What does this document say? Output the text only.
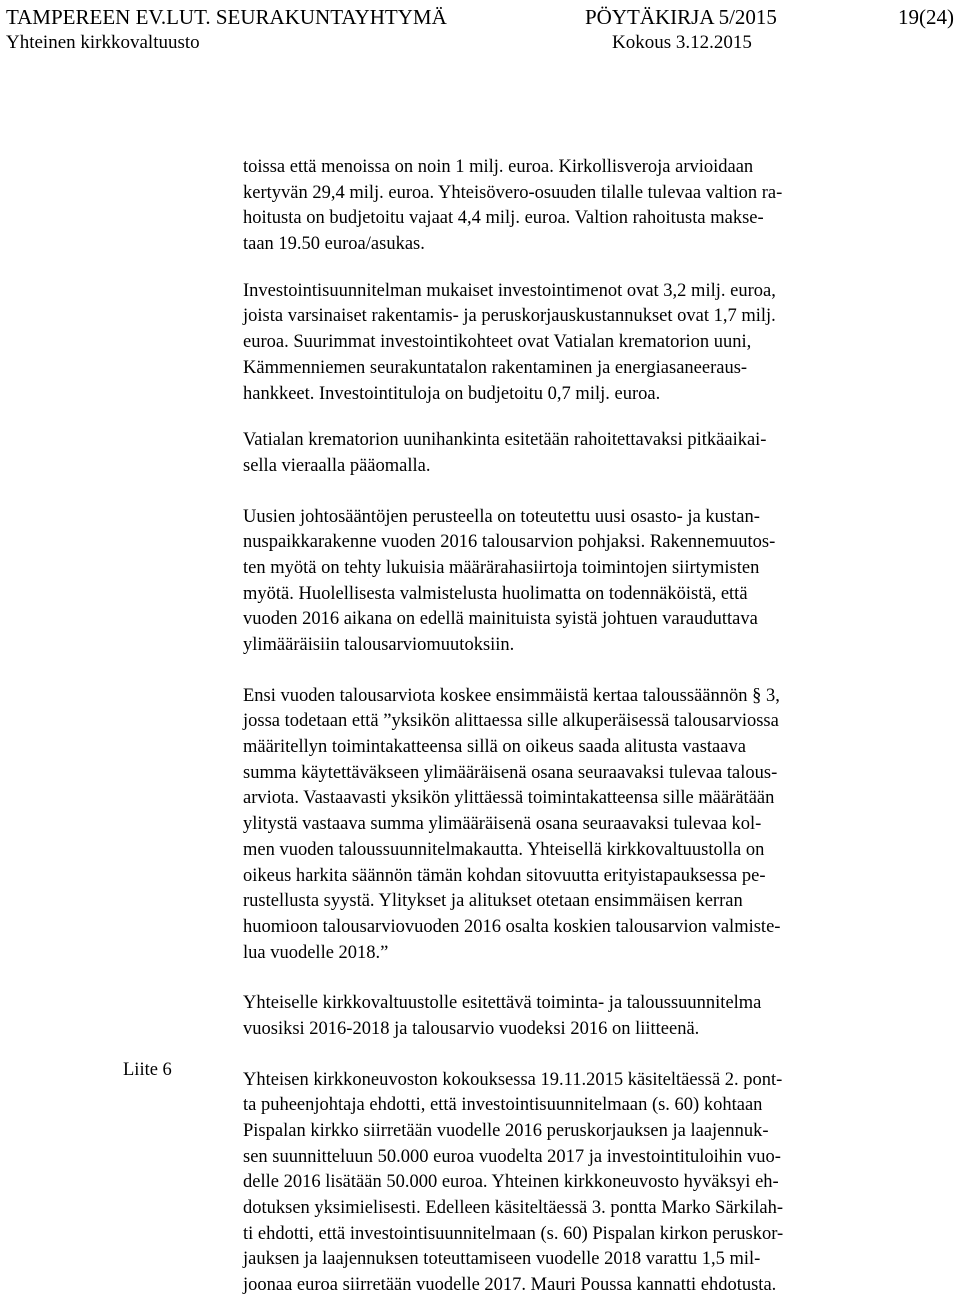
TAMPEREEN EV.LUT. SEURAKUNTAYHTYMÄ	PÖYTÄKIRJA 5/2015	19(24)
Yhteinen kirkkovaltuusto	Kokous 3.12.2015

toissa että menoissa on noin 1 milj. euroa. Kirkollisveroja arvioidaan
kertyvän 29,4 milj. euroa. Yhteisövero-osuuden tilalle tulevaa valtion ra-
hoitusta on budjetoitu vajaat 4,4 milj. euroa. Valtion rahoitusta makse-
taan 19.50 euroa/asukas.

Investointisuunnitelman mukaiset investointimenot ovat 3,2 milj. euroa,
joista varsinaiset rakentamis- ja peruskorjauskustannukset ovat 1,7 milj.
euroa. Suurimmat investointikohteet ovat Vatialan krematorion uuni,
Kämmenniemen seurakuntatalon rakentaminen ja energiasaneeraus-
hankkeet. Investointituloja on budjetoitu 0,7 milj. euroa.

Vatialan krematorion uunihankinta esitetään rahoitettavaksi pitkäaikai-
sella vieraalla pääomalla.

Uusien johtosääntöjen perusteella on toteutettu uusi osasto- ja kustan-
nuspaikkarakenne vuoden 2016 talousarvion pohjaksi. Rakennemuutos-
ten myötä on tehty lukuisia määrärahasiirtoja toimintojen siirtymisten
myötä. Huolellisesta valmistelusta huolimatta on todennäköistä, että
vuoden 2016 aikana on edellä mainituista syistä johtuen varauduttava
ylimääräisiin talousarviomuutoksiin.

Ensi vuoden talousarviota koskee ensimmäistä kertaa taloussäännön § 3,
jossa todetaan että ”yksikön alittaessa sille alkuperäisessä talousarviossa
määritellyn toimintakatteensa sillä on oikeus saada alitusta vastaava
summa käytettäväkseen ylimääräisenä osana seuraavaksi tulevaa talous-
arviota. Vastaavasti yksikön ylittäessä toimintakatteensa sille määrätään
ylitystä vastaava summa ylimääräisenä osana seuraavaksi tulevaa kol-
men vuoden taloussuunnitelmakautta. Yhteisellä kirkkovaltuustolla on
oikeus harkita säännön tämän kohdan sitovuutta erityistapauksessa pe-
rustellusta syystä. Ylitykset ja alitukset otetaan ensimmäisen kerran
huomioon talousarviovuoden 2016 osalta koskien talousarvion valmiste-
lua vuodelle 2018.”

Yhteiselle kirkkovaltuustolle esitettävä toiminta- ja taloussuunnitelma
vuosiksi 2016-2018 ja talousarvio vuodeksi 2016 on liitteenä.

Yhteisen kirkkoneuvoston kokouksessa 19.11.2015 käsiteltäessä 2. pont-
ta puheenjohtaja ehdotti, että investointisuunnitelmaan (s. 60) kohtaan
Pispalan kirkko siirretään vuodelle 2016 peruskorjauksen ja laajennuk-
sen suunnitteluun 50.000 euroa vuodelta 2017 ja investointituloihin vuo-
delle 2016 lisätään 50.000 euroa. Yhteinen kirkkoneuvosto hyväksyi eh-
dotuksen yksimielisesti. Edelleen käsiteltäessä 3. pontta Marko Särkilah-
ti ehdotti, että investointisuunnitelmaan (s. 60) Pispalan kirkon peruskor-
jauksen ja laajennuksen toteuttamiseen vuodelle 2018 varattu 1,5 mil-
joonaa euroa siirretään vuodelle 2017. Mauri Poussa kannatti ehdotusta.

Liite 6
